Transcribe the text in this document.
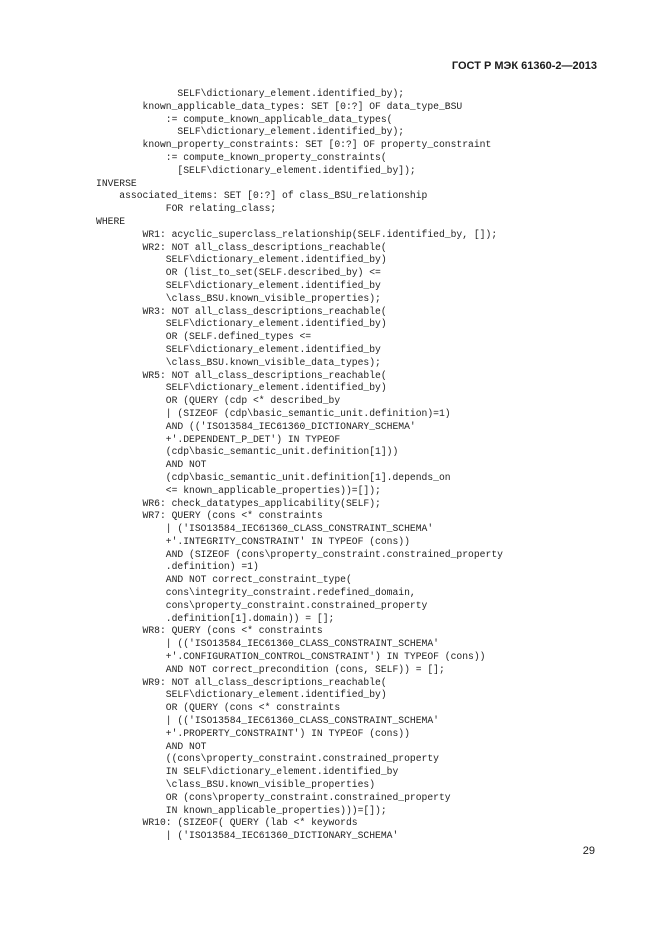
ГОСТ Р МЭК 61360-2—2013
SELF\dictionary_element.identified_by);
known_applicable_data_types: SET [0:?] OF data_type_BSU
:= compute_known_applicable_data_types(
SELF\dictionary_element.identified_by);
known_property_constraints: SET [0:?] OF property_constraint
:= compute_known_property_constraints(
[SELF\dictionary_element.identified_by]);
INVERSE
associated_items: SET [0:?] of class_BSU_relationship
FOR relating_class;
WHERE
WR1: acyclic_superclass_relationship(SELF.identified_by, []);
WR2: NOT all_class_descriptions_reachable(
SELF\dictionary_element.identified_by)
OR (list_to_set(SELF.described_by) <=
SELF\dictionary_element.identified_by
\class_BSU.known_visible_properties);
WR3: NOT all_class_descriptions_reachable(
SELF\dictionary_element.identified_by)
OR (SELF.defined_types <=
SELF\dictionary_element.identified_by
\class_BSU.known_visible_data_types);
WR5: NOT all_class_descriptions_reachable(
SELF\dictionary_element.identified_by)
OR (QUERY (cdp <* described_by
| (SIZEOF (cdp\basic_semantic_unit.definition)=1)
AND (('ISO13584_IEC61360_DICTIONARY_SCHEMA'
+'.DEPENDENT_P_DET') IN TYPEOF
(cdp\basic_semantic_unit.definition[1]))
AND NOT
(cdp\basic_semantic_unit.definition[1].depends_on
<= known_applicable_properties))=[]);
WR6: check_datatypes_applicability(SELF);
WR7: QUERY (cons <* constraints
| ('ISO13584_IEC61360_CLASS_CONSTRAINT_SCHEMA'
+'.INTEGRITY_CONSTRAINT' IN TYPEOF (cons))
AND (SIZEOF (cons\property_constraint.constrained_property
.definition) =1)
AND NOT correct_constraint_type(
cons\integrity_constraint.redefined_domain,
cons\property_constraint.constrained_property
.definition[1].domain)) = [];
WR8: QUERY (cons <* constraints
| (('ISO13584_IEC61360_CLASS_CONSTRAINT_SCHEMA'
+'.CONFIGURATION_CONTROL_CONSTRAINT') IN TYPEOF (cons))
AND NOT correct_precondition (cons, SELF)) = [];
WR9: NOT all_class_descriptions_reachable(
SELF\dictionary_element.identified_by)
OR (QUERY (cons <* constraints
| (('ISO13584_IEC61360_CLASS_CONSTRAINT_SCHEMA'
+'.PROPERTY_CONSTRAINT') IN TYPEOF (cons))
AND NOT
((cons\property_constraint.constrained_property
IN SELF\dictionary_element.identified_by
\class_BSU.known_visible_properties)
OR (cons\property_constraint.constrained_property
IN known_applicable_properties)))=[]);
WR10: (SIZEOF( QUERY (lab <* keywords
| ('ISO13584_IEC61360_DICTIONARY_SCHEMA'
29
